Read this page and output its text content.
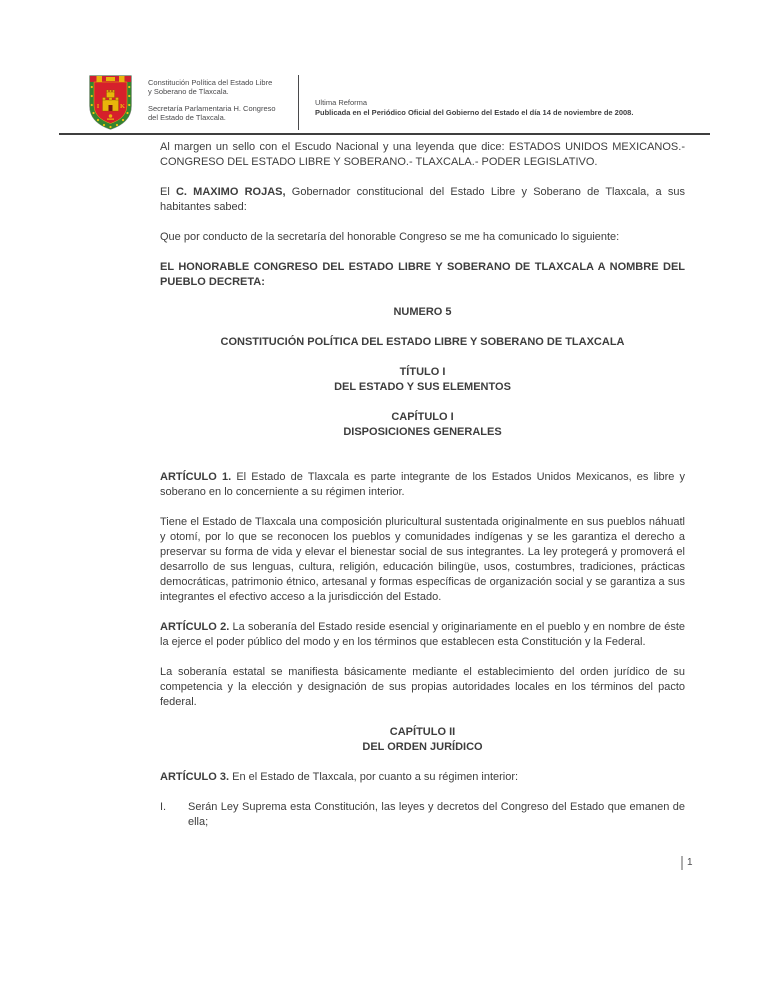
I K
Constitución Política del Estado Libre
y Soberano de Tlaxcala.
Secretaría Parlamentaria H. Congreso
del Estado de Tlaxcala.
Ultima Reforma
Publicada en el Periódico Oficial del Gobierno del Estado el día 14 de noviembre de 2008.

Al margen un sello con el Escudo Nacional y una leyenda que dice: ESTADOS UNIDOS MEXICANOS.- CONGRESO DEL ESTADO LIBRE Y SOBERANO.- TLAXCALA.- PODER LEGISLATIVO.

El C. MAXIMO ROJAS, Gobernador constitucional del Estado Libre y Soberano de Tlaxcala, a sus habitantes sabed:

Que por conducto de la secretaría del honorable Congreso se me ha comunicado lo siguiente:

EL HONORABLE CONGRESO DEL ESTADO LIBRE Y SOBERANO DE TLAXCALA A NOMBRE DEL PUEBLO DECRETA:

NUMERO 5

CONSTITUCIÓN POLÍTICA DEL ESTADO LIBRE Y SOBERANO DE TLAXCALA

TÍTULO I
DEL ESTADO Y SUS ELEMENTOS
CAPÍTULO I
DISPOSICIONES GENERALES

ARTÍCULO 1. El Estado de Tlaxcala es parte integrante de los Estados Unidos Mexicanos, es libre y soberano en lo concerniente a su régimen interior.

Tiene el Estado de Tlaxcala una composición pluricultural sustentada originalmente en sus pueblos náhuatl y otomí, por lo que se reconocen los pueblos y comunidades indígenas y se les garantiza el derecho a preservar su forma de vida y elevar el bienestar social de sus integrantes. La ley protegerá y promoverá el desarrollo de sus lenguas, cultura, religión, educación bilingüe, usos, costumbres, tradiciones, prácticas democráticas, patrimonio étnico, artesanal y formas específicas de organización social y se garantiza a sus integrantes el efectivo acceso a la jurisdicción del Estado.

ARTÍCULO 2. La soberanía del Estado reside esencial y originariamente en el pueblo y en nombre de éste la ejerce el poder público del modo y en los términos que establecen esta Constitución y la Federal.

La soberanía estatal se manifiesta básicamente mediante el establecimiento del orden jurídico de su competencia y la elección y designación de sus propias autoridades locales en los términos del pacto federal.

CAPÍTULO II
DEL ORDEN JURÍDICO

ARTÍCULO 3. En el Estado de Tlaxcala, por cuanto a su régimen interior:

I.	Serán Ley Suprema esta Constitución, las leyes y decretos del Congreso del Estado que emanen de ella;
1
